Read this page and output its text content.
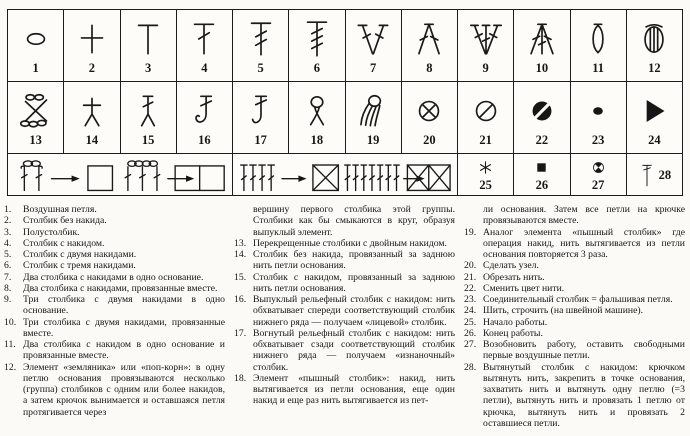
1	2	3	4	5	6	7	8	9	10	11	12

13	14	15	16	17	18	19	20	21	22	23	24

25	26	27	28
1.	Воздушная петля.
2.	Столбик без накида.
3.	Полустолбик.
4.	Столбик с накидом.
5.	Столбик с двумя накидами.
6.	Столбик с тремя накидами.
7.	Два столбика с накидами в одно основание.
8.	Два столбика с накидами, провязанные вместе.
9.	Три столбика с двумя накидами в одно основание.
10. Три столбика с двумя накидами, провязанные вместе.
11. Два столбика с накидом в одно основание и провязанные вместе.
12. Элемент «земляника» или «поп-корн»: в одну петлю основания провязываются несколько (группа) столбиков с одним или более накидов, а затем крючок вынимается и оставшаяся петля протягивается через
вершину первого столбика этой группы. Столбики как бы смыкаются в круг, образуя выпуклый элемент.
13. Перекрещенные столбики с двойным накидом.
14. Столбик без накида, провязанный за заднюю нить петли основания.
15. Столбик с накидом, провязанный за заднюю нить петли основания.
16. Выпуклый рельефный столбик с накидом: нить обхватывает спереди соответствующий столбик нижнего ряда — получаем «лицевой» столбик.
17. Вогнутый рельефный столбик с накидом: нить обхватывает сзади соответствующий столбик нижнего ряда — получаем «изнаночный» столбик.
18. Элемент «пышный столбик»: накид, нить вытягивается из петли основания, еще один накид и еще раз нить вытягивается из пет-
ли основания. Затем все петли на крючке провязываются вместе.
19. Аналог элемента «пышный столбик» где операция накид, нить вытягивается из петли основания повторяется 3 раза.
20. Сделать узел.
21. Обрезать нить.
22. Сменить цвет нити.
23. Соединительный столбик = фальшивая петля.
24. Шить, строчить (на швейной машине).
25. Начало работы.
26. Конец работы.
27. Возобновить работу, оставить свободными первые воздушные петли.
28. Вытянутый столбик с накидом: крючком вытянуть нить, закрепить в точке основания, захватить нить и вытянуть одну петлю (=3 петли), вытянуть нить и провязать 1 петлю от крючка, вытянуть нить и провязать 2 оставшиеся петли.
